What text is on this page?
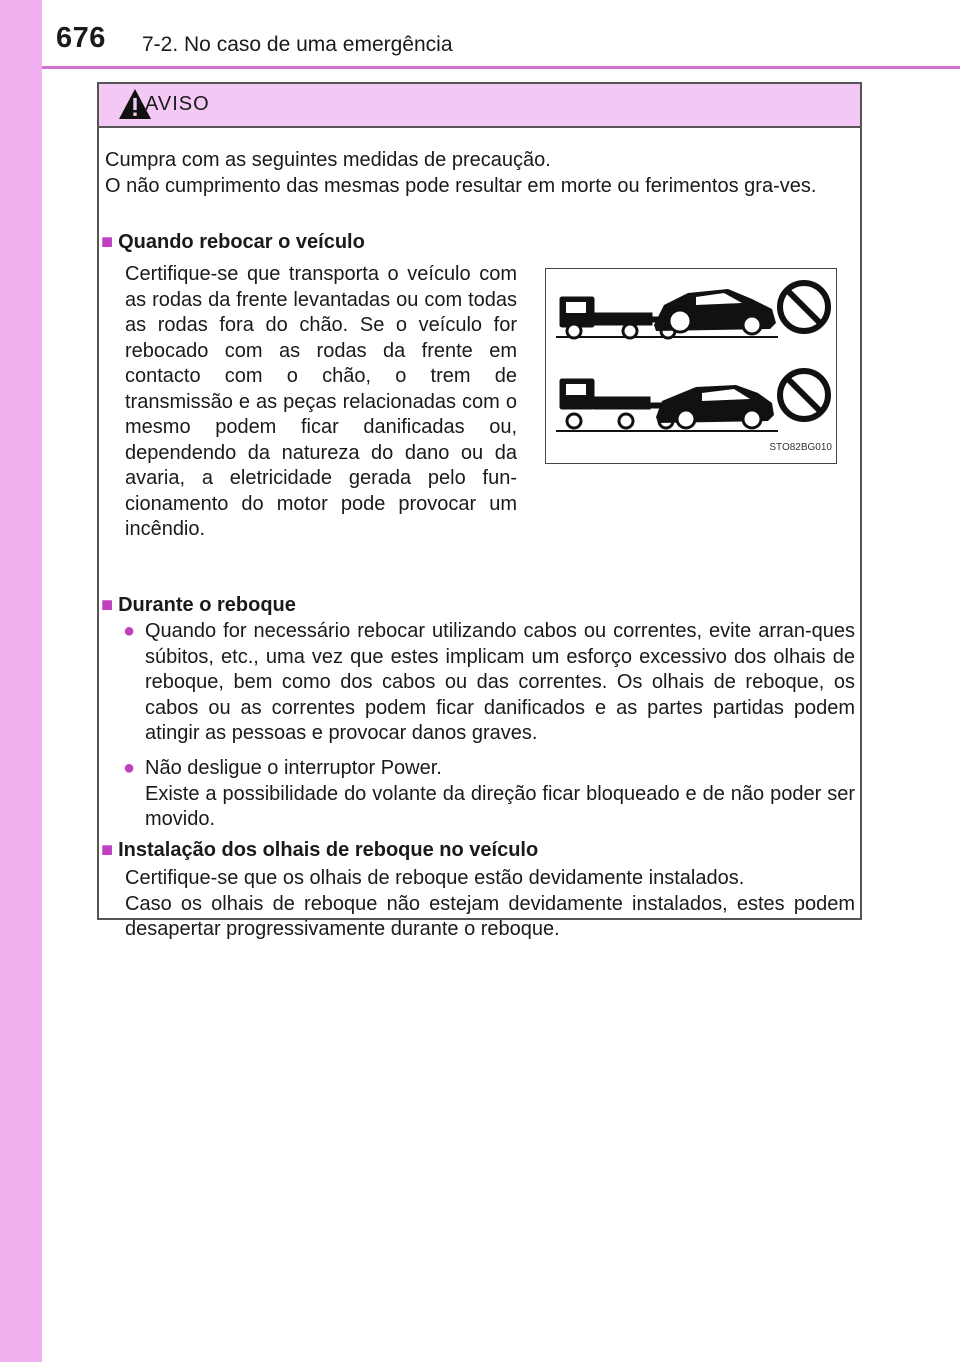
676 7-2. No caso de uma emergência
AVISO

Cumpra com as seguintes medidas de precaução.

O não cumprimento das mesmas pode resultar em morte ou ferimentos gra-ves.

■ Quando rebocar o veículo
Certifique-se que transporta o veículo com as rodas da frente levantadas ou com todas as rodas fora do chão. Se o veículo for rebocado com as rodas da frente em contacto com o chão, o trem de transmissão e as peças relacionadas com o mesmo podem ficar danificadas ou, dependendo da natureza do dano ou da avaria, a eletricidade gerada pelo fun-cionamento do motor pode provocar um incêndio.
STO82BG010
■ Durante o reboque
● Quando for necessário rebocar utilizando cabos ou correntes, evite arran-ques súbitos, etc., uma vez que estes implicam um esforço excessivo dos olhais de reboque, bem como dos cabos ou das correntes. Os olhais de reboque, os cabos ou as correntes podem ficar danificados e as partes partidas podem atingir as pessoas e provocar danos graves.

● Não desligue o interruptor Power.

Existe a possibilidade do volante da direção ficar bloqueado e de não poder ser movido.

■ Instalação dos olhais de reboque no veículo

Certifique-se que os olhais de reboque estão devidamente instalados.

Caso os olhais de reboque não estejam devidamente instalados, estes podem desapertar progressivamente durante o reboque.
